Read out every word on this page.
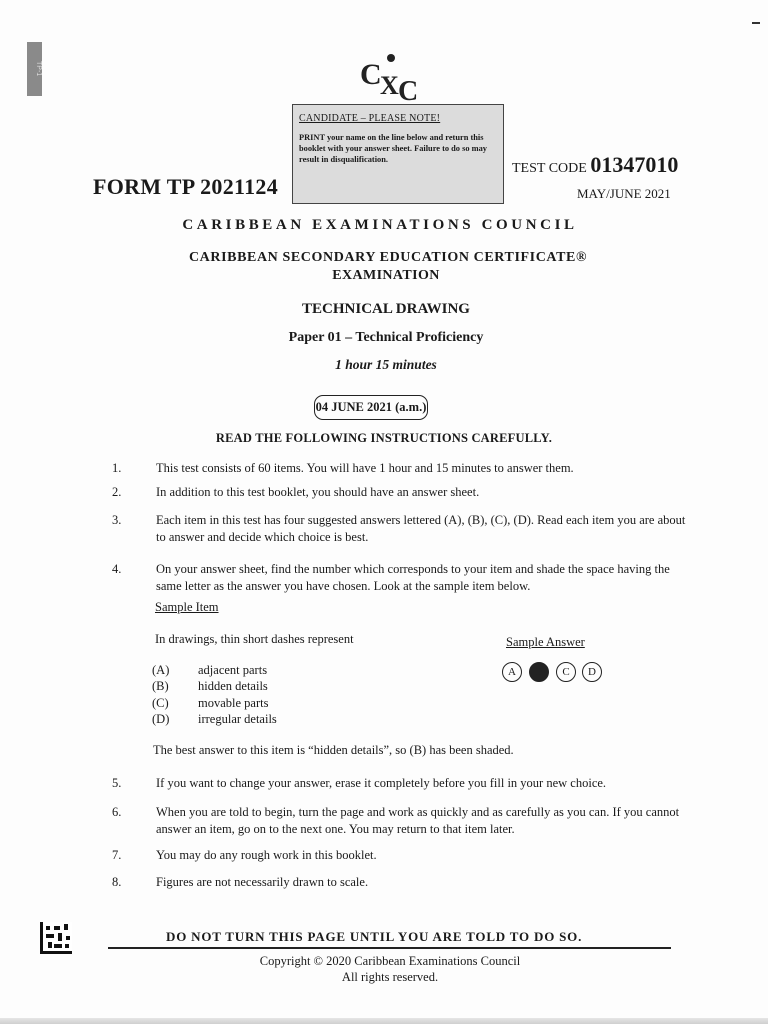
TP-1	C
X C
CANDIDATE – PLEASE NOTE!
PRINT your name on the line below and return this booklet with your answer sheet. Failure to do so may result in disqualification.
FORM TP 2021124
TEST CODE 01347010
MAY/JUNE 2021
CARIBBEAN EXAMINATIONS COUNCIL
CARIBBEAN SECONDARY EDUCATION CERTIFICATE®
EXAMINATION
TECHNICAL DRAWING
Paper 01 – Technical Proficiency
1 hour 15 minutes
04 JUNE 2021 (a.m.)
READ THE FOLLOWING INSTRUCTIONS CAREFULLY.
1.	This test consists of 60 items. You will have 1 hour and 15 minutes to answer them.
2.	In addition to this test booklet, you should have an answer sheet.
3.	Each item in this test has four suggested answers lettered (A), (B), (C), (D). Read each item you are about to answer and decide which choice is best.
4.	On your answer sheet, find the number which corresponds to your item and shade the space having the same letter as the answer you have chosen. Look at the sample item below.
Sample Item
In drawings, thin short dashes represent	Sample Answer
A	B	C	D
(A) adjacent parts
(B) hidden details
(C) movable parts
(D) irregular details
The best answer to this item is “hidden details”, so (B) has been shaded.
5.	If you want to change your answer, erase it completely before you fill in your new choice.
6.	When you are told to begin, turn the page and work as quickly and as carefully as you can. If you cannot answer an item, go on to the next one. You may return to that item later.
7.	You may do any rough work in this booklet.
8.	Figures are not necessarily drawn to scale.
DO NOT TURN THIS PAGE UNTIL YOU ARE TOLD TO DO SO.
Copyright © 2020 Caribbean Examinations Council
All rights reserved.
